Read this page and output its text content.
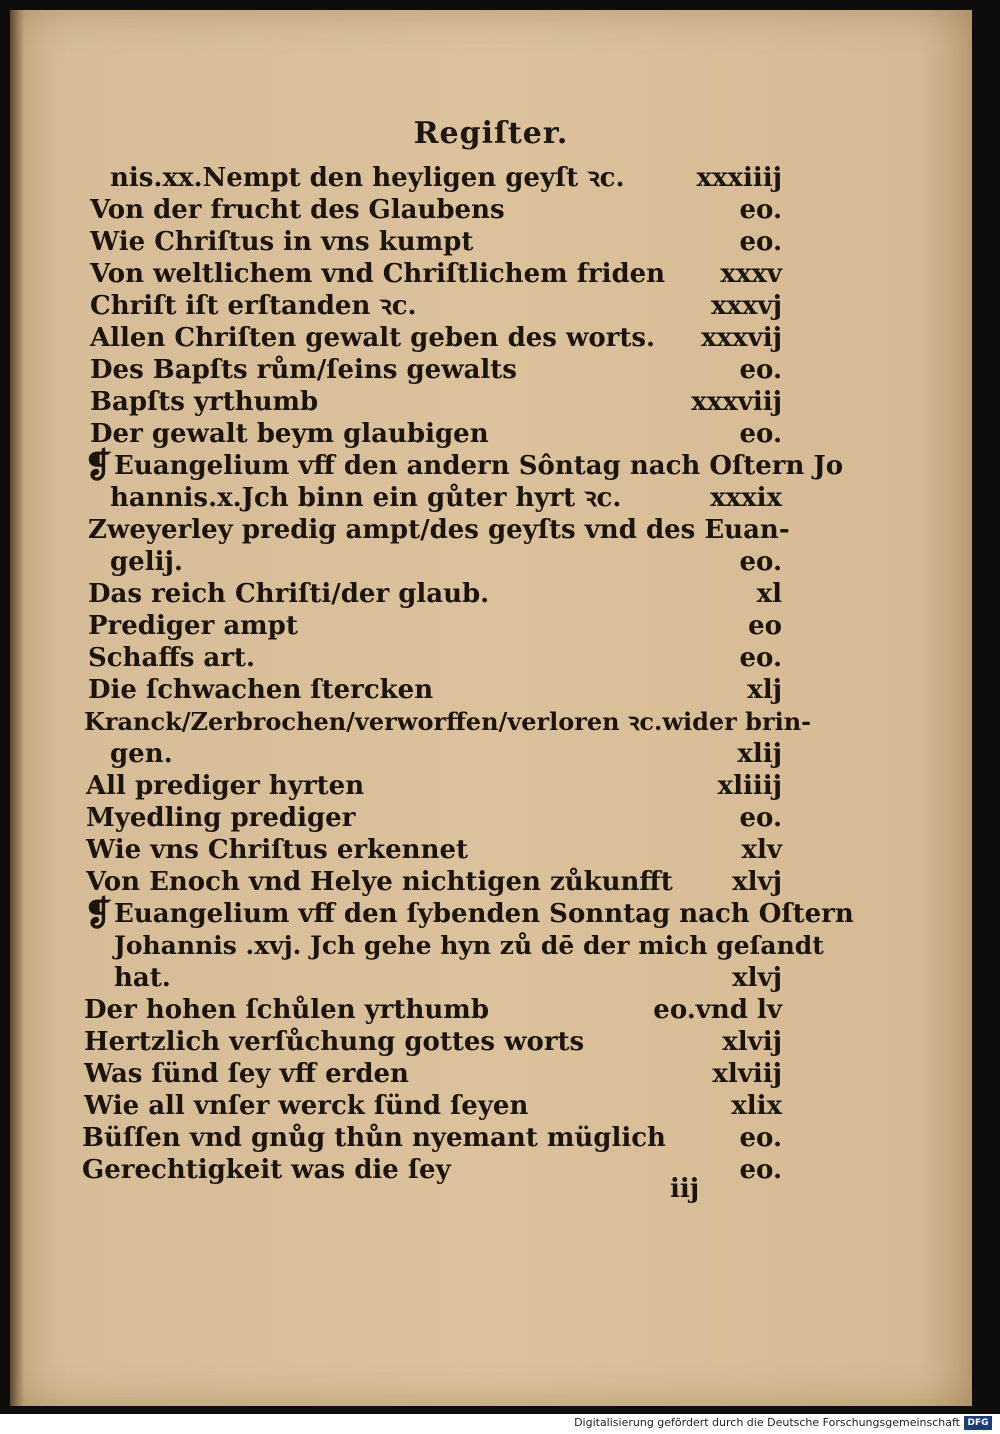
Regiſter.
nis.xx.Nempt den heyligen geyſt ꝛc.	xxxiiij
Von der frucht des Glaubens	eo.
Wie Chriſtus in vns kumpt	eo.
Von weltlichem vnd Chriſtlichem friden xxxv
Chriſt iſt erſtanden ꝛc.	xxxvj
Allen Chriſten gewalt geben des worts. xxxvij
Des Bapſts rům/ſeins gewalts	eo.
Bapſts yrthumb	xxxviij
Der gewalt beym glaubigen	eo.
❡ Euangelium vff den andern Sôntag nach Oſtern Jo
hannis.x.Jch binn ein gůter hyrt ꝛc.	xxxix
Zweyerley predig ampt/des geyſts vnd des Euan‑
gelij.	eo.
Das reich Chriſti/der glaub.	xl
Prediger ampt	eo
Schaffs art.	eo.
Die ſchwachen ſtercken	xlj
Kranck/Zerbrochen/verworffen/verloren ꝛc.wider brin‑
gen.	xlij
All prediger hyrten	xliiij
Myedling prediger	eo.
Wie vns Chriſtus erkennet	xlv
Von Enoch vnd Helye nichtigen zůkunfft xlvj
❡ Euangelium vff den ſybenden Sonntag nach Oſtern
Johannis .xvj. Jch gehe hyn zů dē der mich geſandt
hat.	xlvj
Der hohen ſchůlen yrthumb	eo.vnd lv
Hertzlich verſůchung gottes worts	xlvij
Was ſünd ſey vff erden	xlviij
Wie all vnſer werck ſünd ſeyen	xlix
Büſſen vnd gnůg thůn nyemant müglich	eo.
Gerechtigkeit was die ſey	eo.
iij
Digitalisierung gefördert durch die Deutsche Forschungsgemeinschaft DFG
